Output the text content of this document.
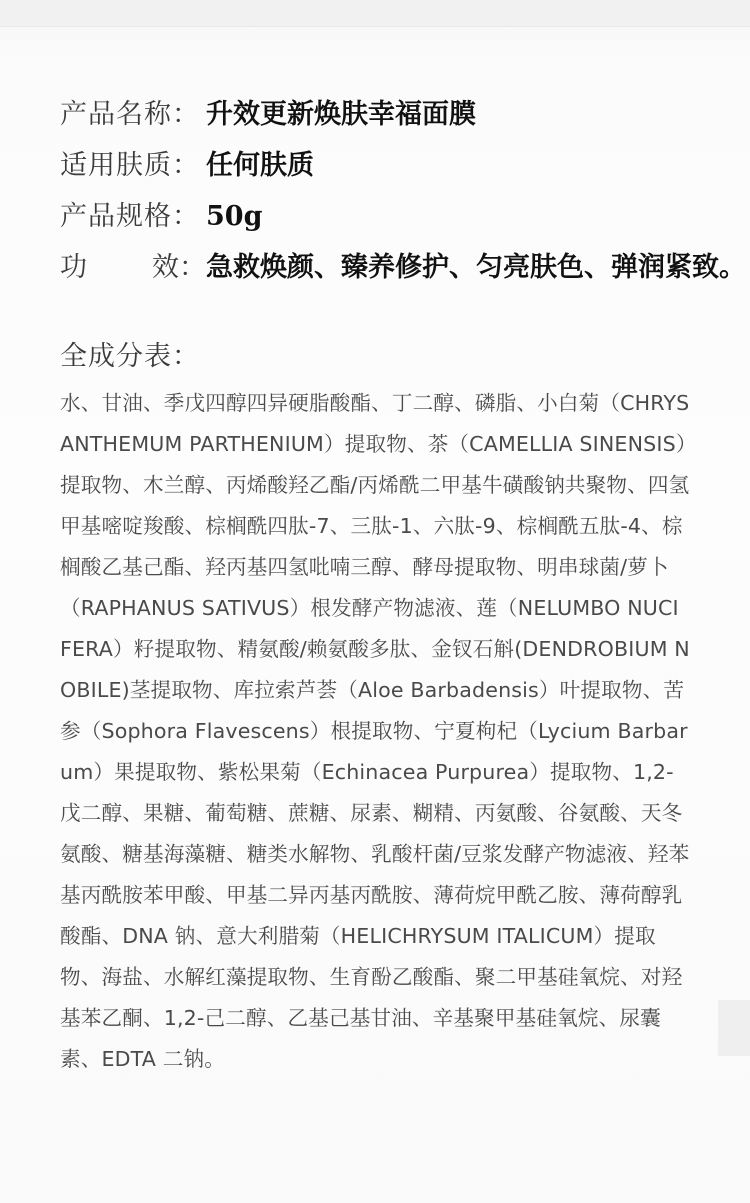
产品名称： 升效更新焕肤幸福面膜
适用肤质： 任何肤质
产品规格： 50g
功 效： 急救焕颜、臻养修护、匀亮肤色、弹润紧致。
全成分表：

水、甘油、季戊四醇四异硬脂酸酯、丁二醇、磷脂、小白菊（CHRYSANTHEMUM PARTHENIUM）提取物、茶（CAMELLIA SINENSIS）提取物、木兰醇、丙烯酸羟乙酯/丙烯酰二甲基牛磺酸钠共聚物、四氢甲基嘧啶羧酸、棕榈酰四肽-7、三肽-1、六肽-9、棕榈酰五肽-4、棕榈酸乙基己酯、羟丙基四氢吡喃三醇、酵母提取物、明串球菌/萝卜（RAPHANUS SATIVUS）根发酵产物滤液、莲（NELUMBO NUCIFERA）籽提取物、精氨酸/赖氨酸多肽、金钗石斛(DENDROBIUM NOBILE)茎提取物、库拉索芦荟（Aloe Barbadensis）叶提取物、苦参（Sophora Flavescens）根提取物、宁夏枸杞（Lycium Barbarum）果提取物、紫松果菊（Echinacea Purpurea）提取物、1,2-戊二醇、果糖、葡萄糖、蔗糖、尿素、糊精、丙氨酸、谷氨酸、天冬氨酸、糖基海藻糖、糖类水解物、乳酸杆菌/豆浆发酵产物滤液、羟苯基丙酰胺苯甲酸、甲基二异丙基丙酰胺、薄荷烷甲酰乙胺、薄荷醇乳酸酯、DNA 钠、意大利腊菊（HELICHRYSUM ITALICUM）提取物、海盐、水解红藻提取物、生育酚乙酸酯、聚二甲基硅氧烷、对羟基苯乙酮、1,2-己二醇、乙基己基甘油、辛基聚甲基硅氧烷、尿囊素、EDTA 二钠。
